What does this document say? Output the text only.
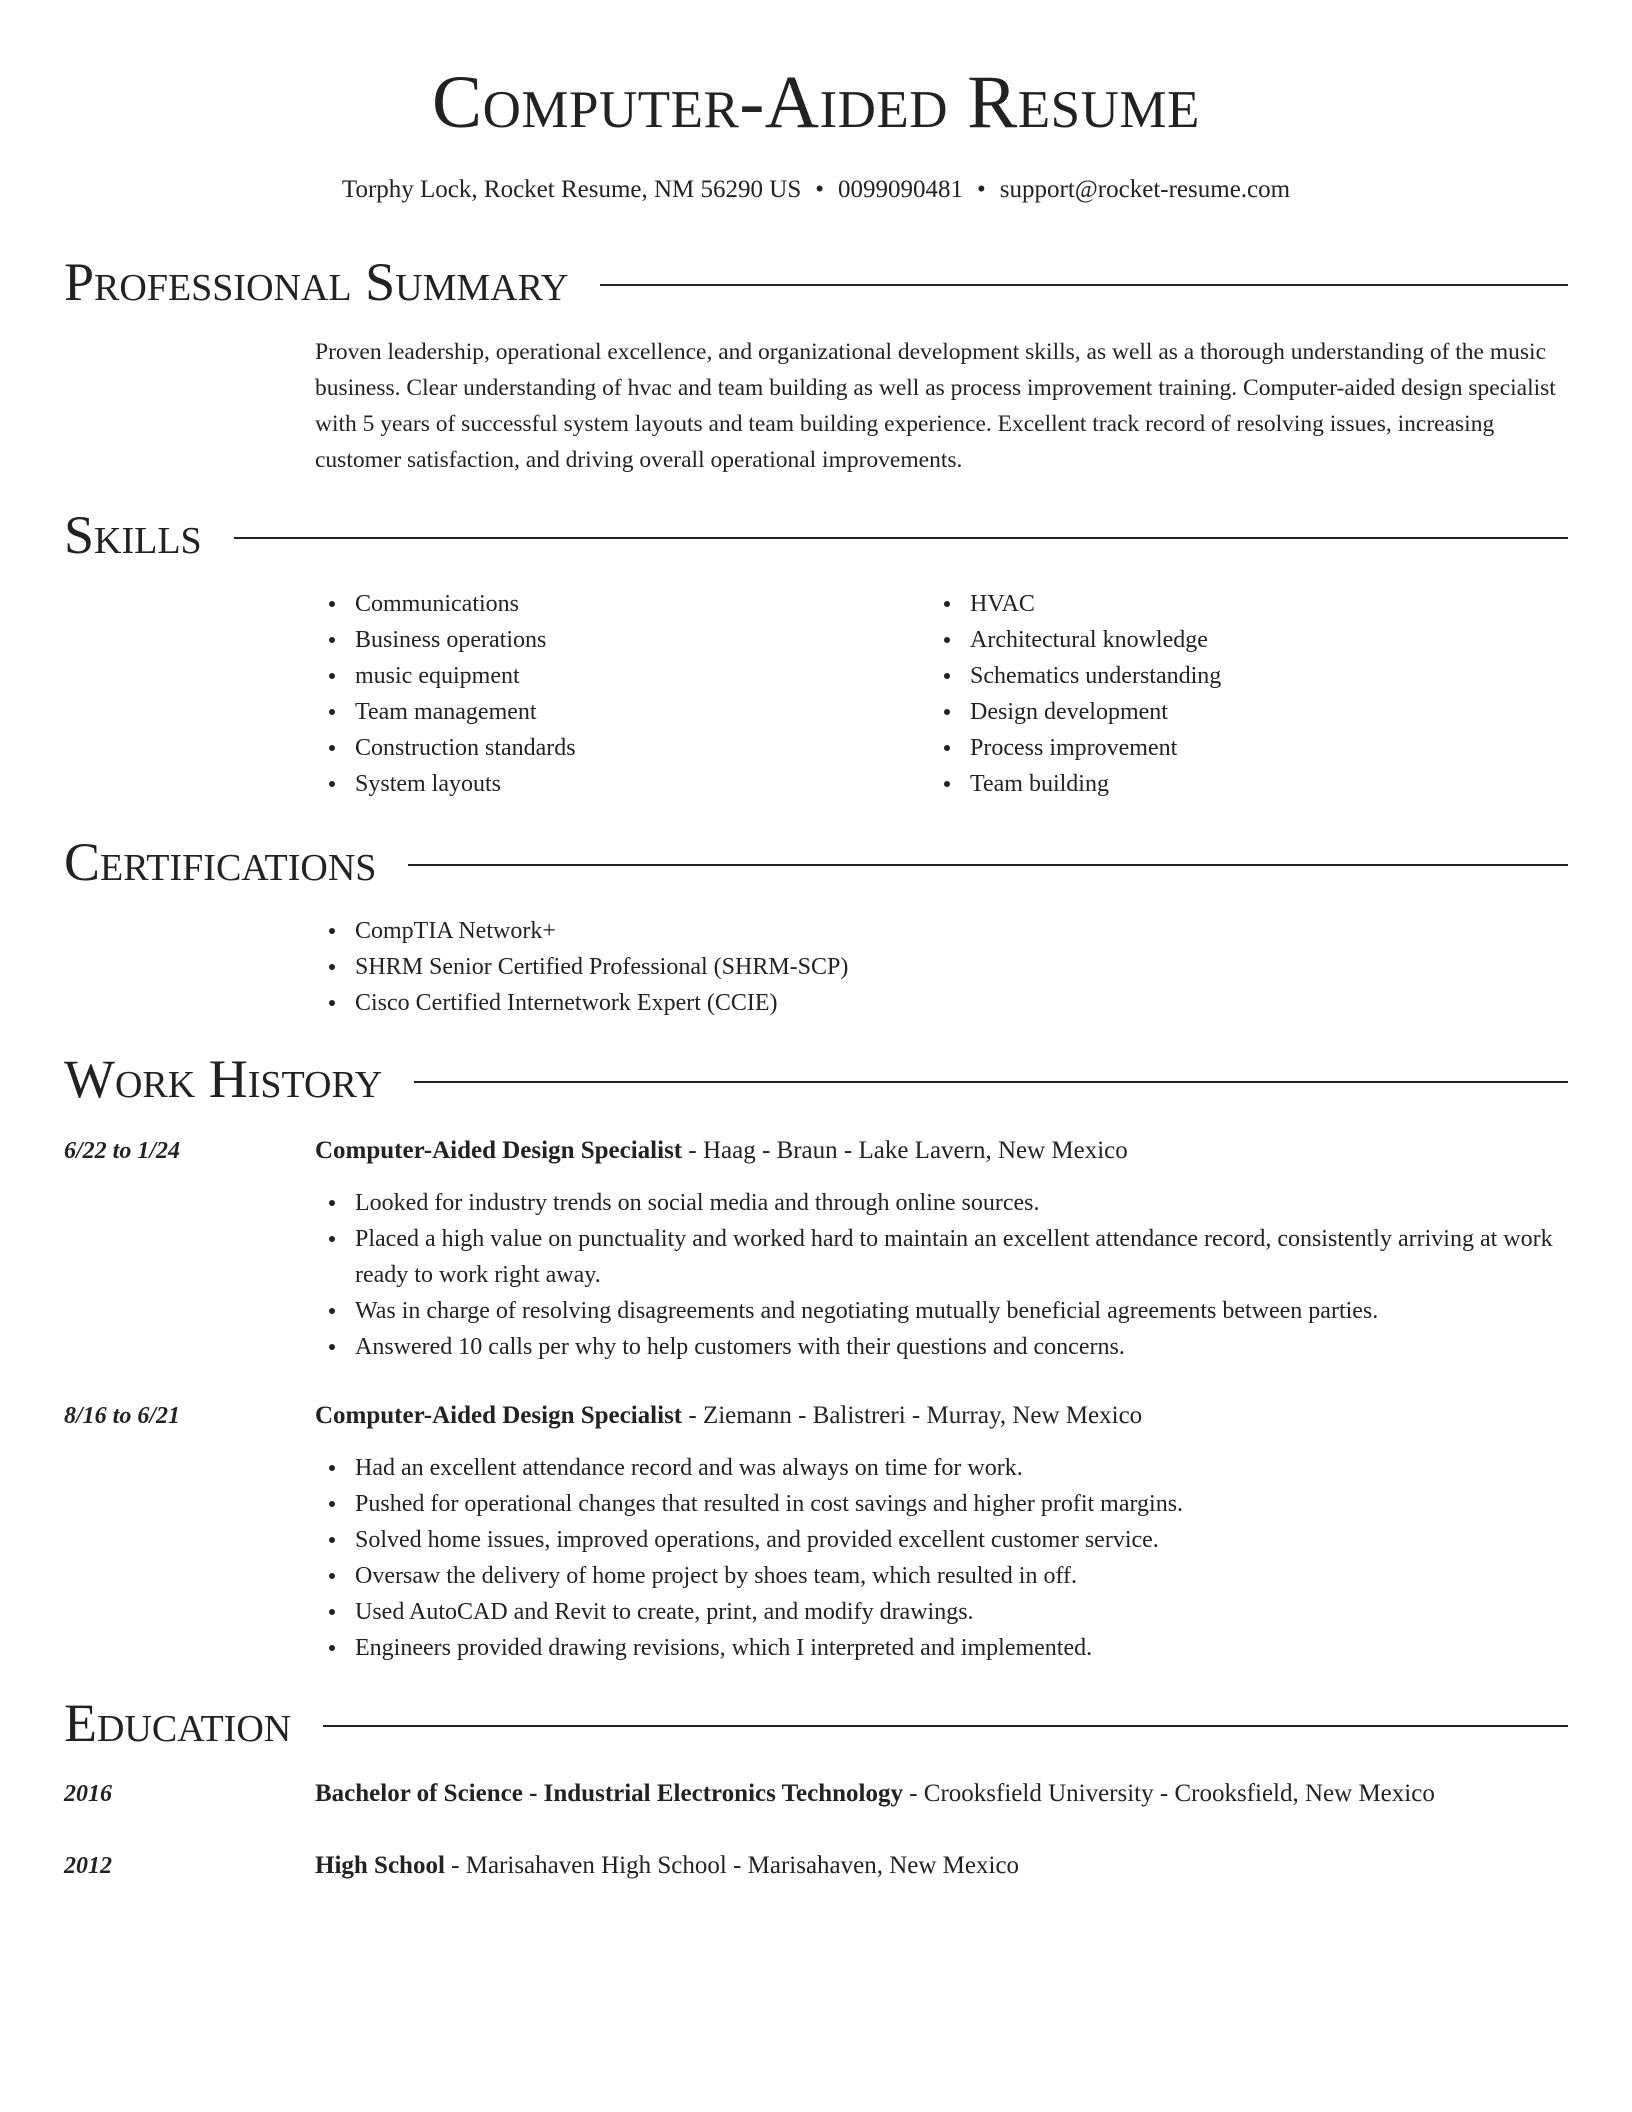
Computer-Aided Resume
Torphy Lock, Rocket Resume, NM 56290 US • 0099090481 • support@rocket-resume.com
Professional Summary
Proven leadership, operational excellence, and organizational development skills, as well as a thorough understanding of the music business. Clear understanding of hvac and team building as well as process improvement training. Computer-aided design specialist with 5 years of successful system layouts and team building experience. Excellent track record of resolving issues, increasing customer satisfaction, and driving overall operational improvements.
Skills
Communications
Business operations
music equipment
Team management
Construction standards
System layouts
HVAC
Architectural knowledge
Schematics understanding
Design development
Process improvement
Team building
Certifications
CompTIA Network+
SHRM Senior Certified Professional (SHRM-SCP)
Cisco Certified Internetwork Expert (CCIE)
Work History
6/22 to 1/24	Computer-Aided Design Specialist - Haag - Braun - Lake Lavern, New Mexico
Looked for industry trends on social media and through online sources.
Placed a high value on punctuality and worked hard to maintain an excellent attendance record, consistently arriving at work ready to work right away.
Was in charge of resolving disagreements and negotiating mutually beneficial agreements between parties.
Answered 10 calls per why to help customers with their questions and concerns.
8/16 to 6/21	Computer-Aided Design Specialist - Ziemann - Balistreri - Murray, New Mexico
Had an excellent attendance record and was always on time for work.
Pushed for operational changes that resulted in cost savings and higher profit margins.
Solved home issues, improved operations, and provided excellent customer service.
Oversaw the delivery of home project by shoes team, which resulted in off.
Used AutoCAD and Revit to create, print, and modify drawings.
Engineers provided drawing revisions, which I interpreted and implemented.
Education
2016	Bachelor of Science - Industrial Electronics Technology - Crooksfield University - Crooksfield, New Mexico
2012	High School - Marisahaven High School - Marisahaven, New Mexico
